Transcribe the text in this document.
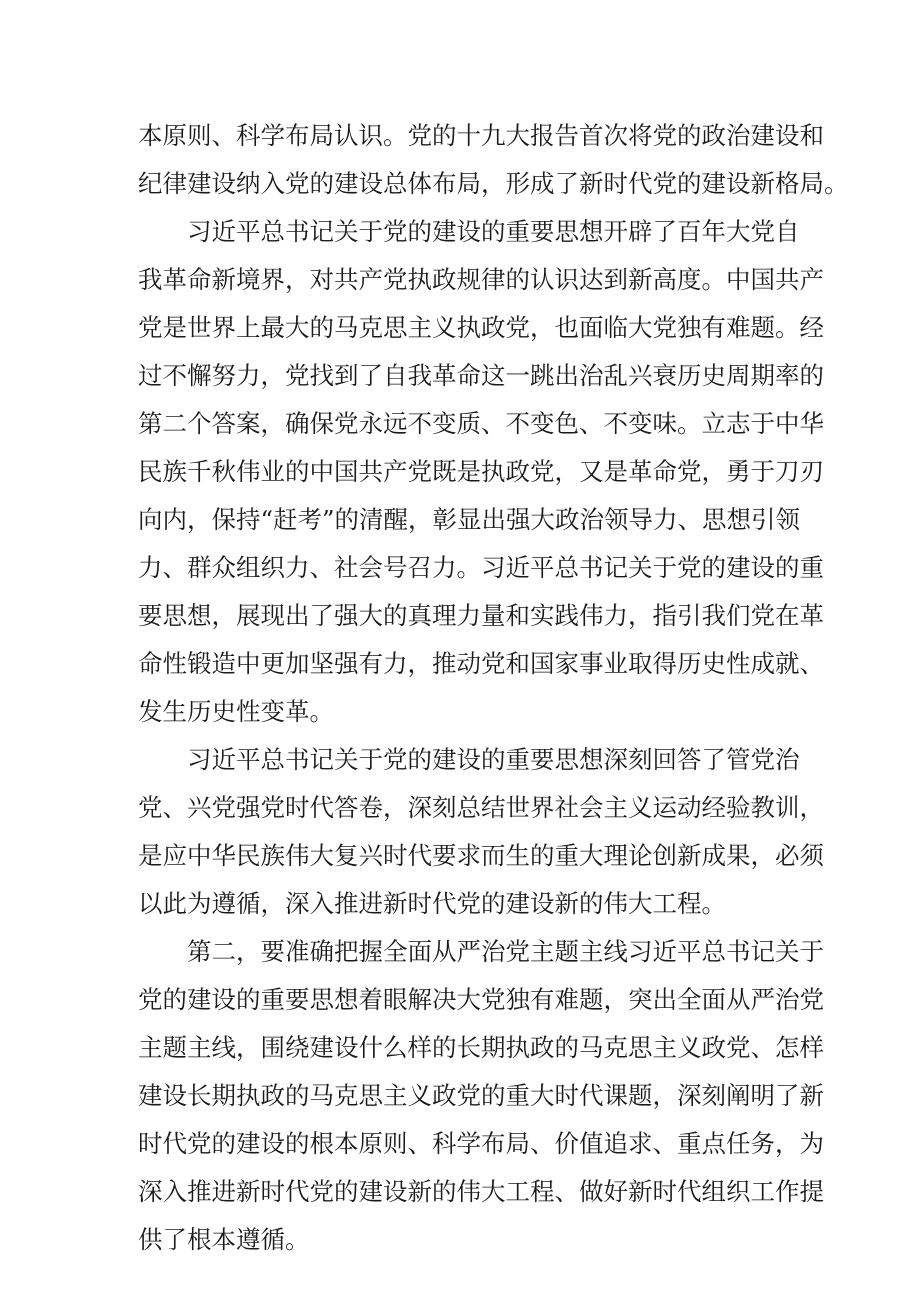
本原则、科学布局认识。党的十九大报告首次将党的政治建设和
纪律建设纳入党的建设总体布局，形成了新时代党的建设新格局。
习近平总书记关于党的建设的重要思想开辟了百年大党自
我革命新境界，对共产党执政规律的认识达到新高度。中国共产
党是世界上最大的马克思主义执政党，也面临大党独有难题。经
过不懈努力，党找到了自我革命这一跳出治乱兴衰历史周期率的
第二个答案，确保党永远不变质、不变色、不变味。立志于中华
民族千秋伟业的中国共产党既是执政党，又是革命党，勇于刀刃
向内，保持“赶考”的清醒，彰显出强大政治领导力、思想引领
力、群众组织力、社会号召力。习近平总书记关于党的建设的重
要思想，展现出了强大的真理力量和实践伟力，指引我们党在革
命性锻造中更加坚强有力，推动党和国家事业取得历史性成就、
发生历史性变革。
习近平总书记关于党的建设的重要思想深刻回答了管党治
党、兴党强党时代答卷，深刻总结世界社会主义运动经验教训，
是应中华民族伟大复兴时代要求而生的重大理论创新成果，必须
以此为遵循，深入推进新时代党的建设新的伟大工程。
第二，要准确把握全面从严治党主题主线习近平总书记关于
党的建设的重要思想着眼解决大党独有难题，突出全面从严治党
主题主线，围绕建设什么样的长期执政的马克思主义政党、怎样
建设长期执政的马克思主义政党的重大时代课题，深刻阐明了新
时代党的建设的根本原则、科学布局、价值追求、重点任务，为
深入推进新时代党的建设新的伟大工程、做好新时代组织工作提
供了根本遵循。
